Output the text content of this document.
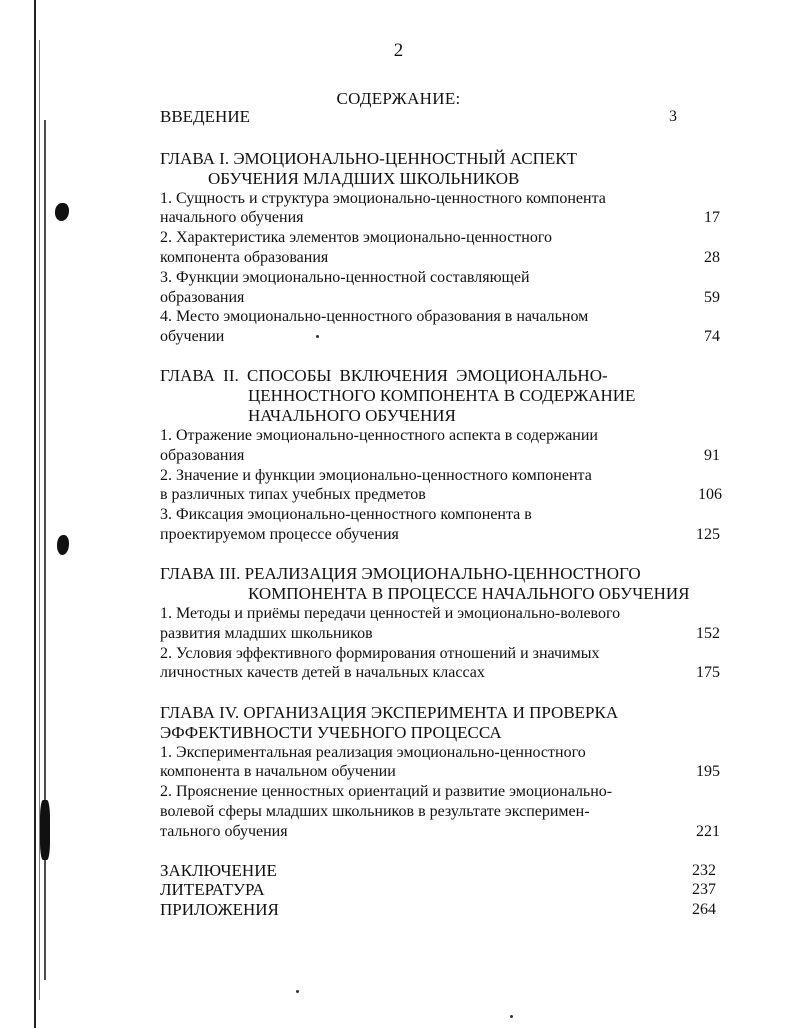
2
СОДЕРЖАНИЕ:
ВВЕДЕНИЕ	3
ГЛАВА I. ЭМОЦИОНАЛЬНО-ЦЕННОСТНЫЙ АСПЕКТ
ОБУЧЕНИЯ МЛАДШИХ ШКОЛЬНИКОВ
1. Сущность и структура эмоционально-ценностного компонента
начального обучения	17
2. Характеристика элементов эмоционально-ценностного
компонента образования	28
3. Функции эмоционально-ценностной составляющей
образования	59
4. Место эмоционально-ценностного образования в начальном
обучении	74
ГЛАВА II. СПОСОБЫ ВКЛЮЧЕНИЯ ЭМОЦИОНАЛЬНО-
ЦЕННОСТНОГО КОМПОНЕНТА В СОДЕРЖАНИЕ
НАЧАЛЬНОГО ОБУЧЕНИЯ
1. Отражение эмоционально-ценностного аспекта в содержании
образования	91
2. Значение и функции эмоционально-ценностного компонента
в различных типах учебных предметов	106
3. Фиксация эмоционально-ценностного компонента в
проектируемом процессе обучения	125
ГЛАВА III. РЕАЛИЗАЦИЯ ЭМОЦИОНАЛЬНО-ЦЕННОСТНОГО
КОМПОНЕНТА В ПРОЦЕССЕ НАЧАЛЬНОГО ОБУЧЕНИЯ
1. Методы и приёмы передачи ценностей и эмоционально-волевого
развития младших школьников	152
2. Условия эффективного формирования отношений и значимых
личностных качеств детей в начальных классах	175
ГЛАВА IV. ОРГАНИЗАЦИЯ ЭКСПЕРИМЕНТА И ПРОВЕРКА
ЭФФЕКТИВНОСТИ УЧЕБНОГО ПРОЦЕССА
1. Экспериментальная реализация эмоционально-ценностного
компонента в начальном обучении	195
2. Прояснение ценностных ориентаций и развитие эмоционально-
волевой сферы младших школьников в результате эксперимен-
тального обучения	221
ЗАКЛЮЧЕНИЕ	232
ЛИТЕРАТУРА	237
ПРИЛОЖЕНИЯ	264
